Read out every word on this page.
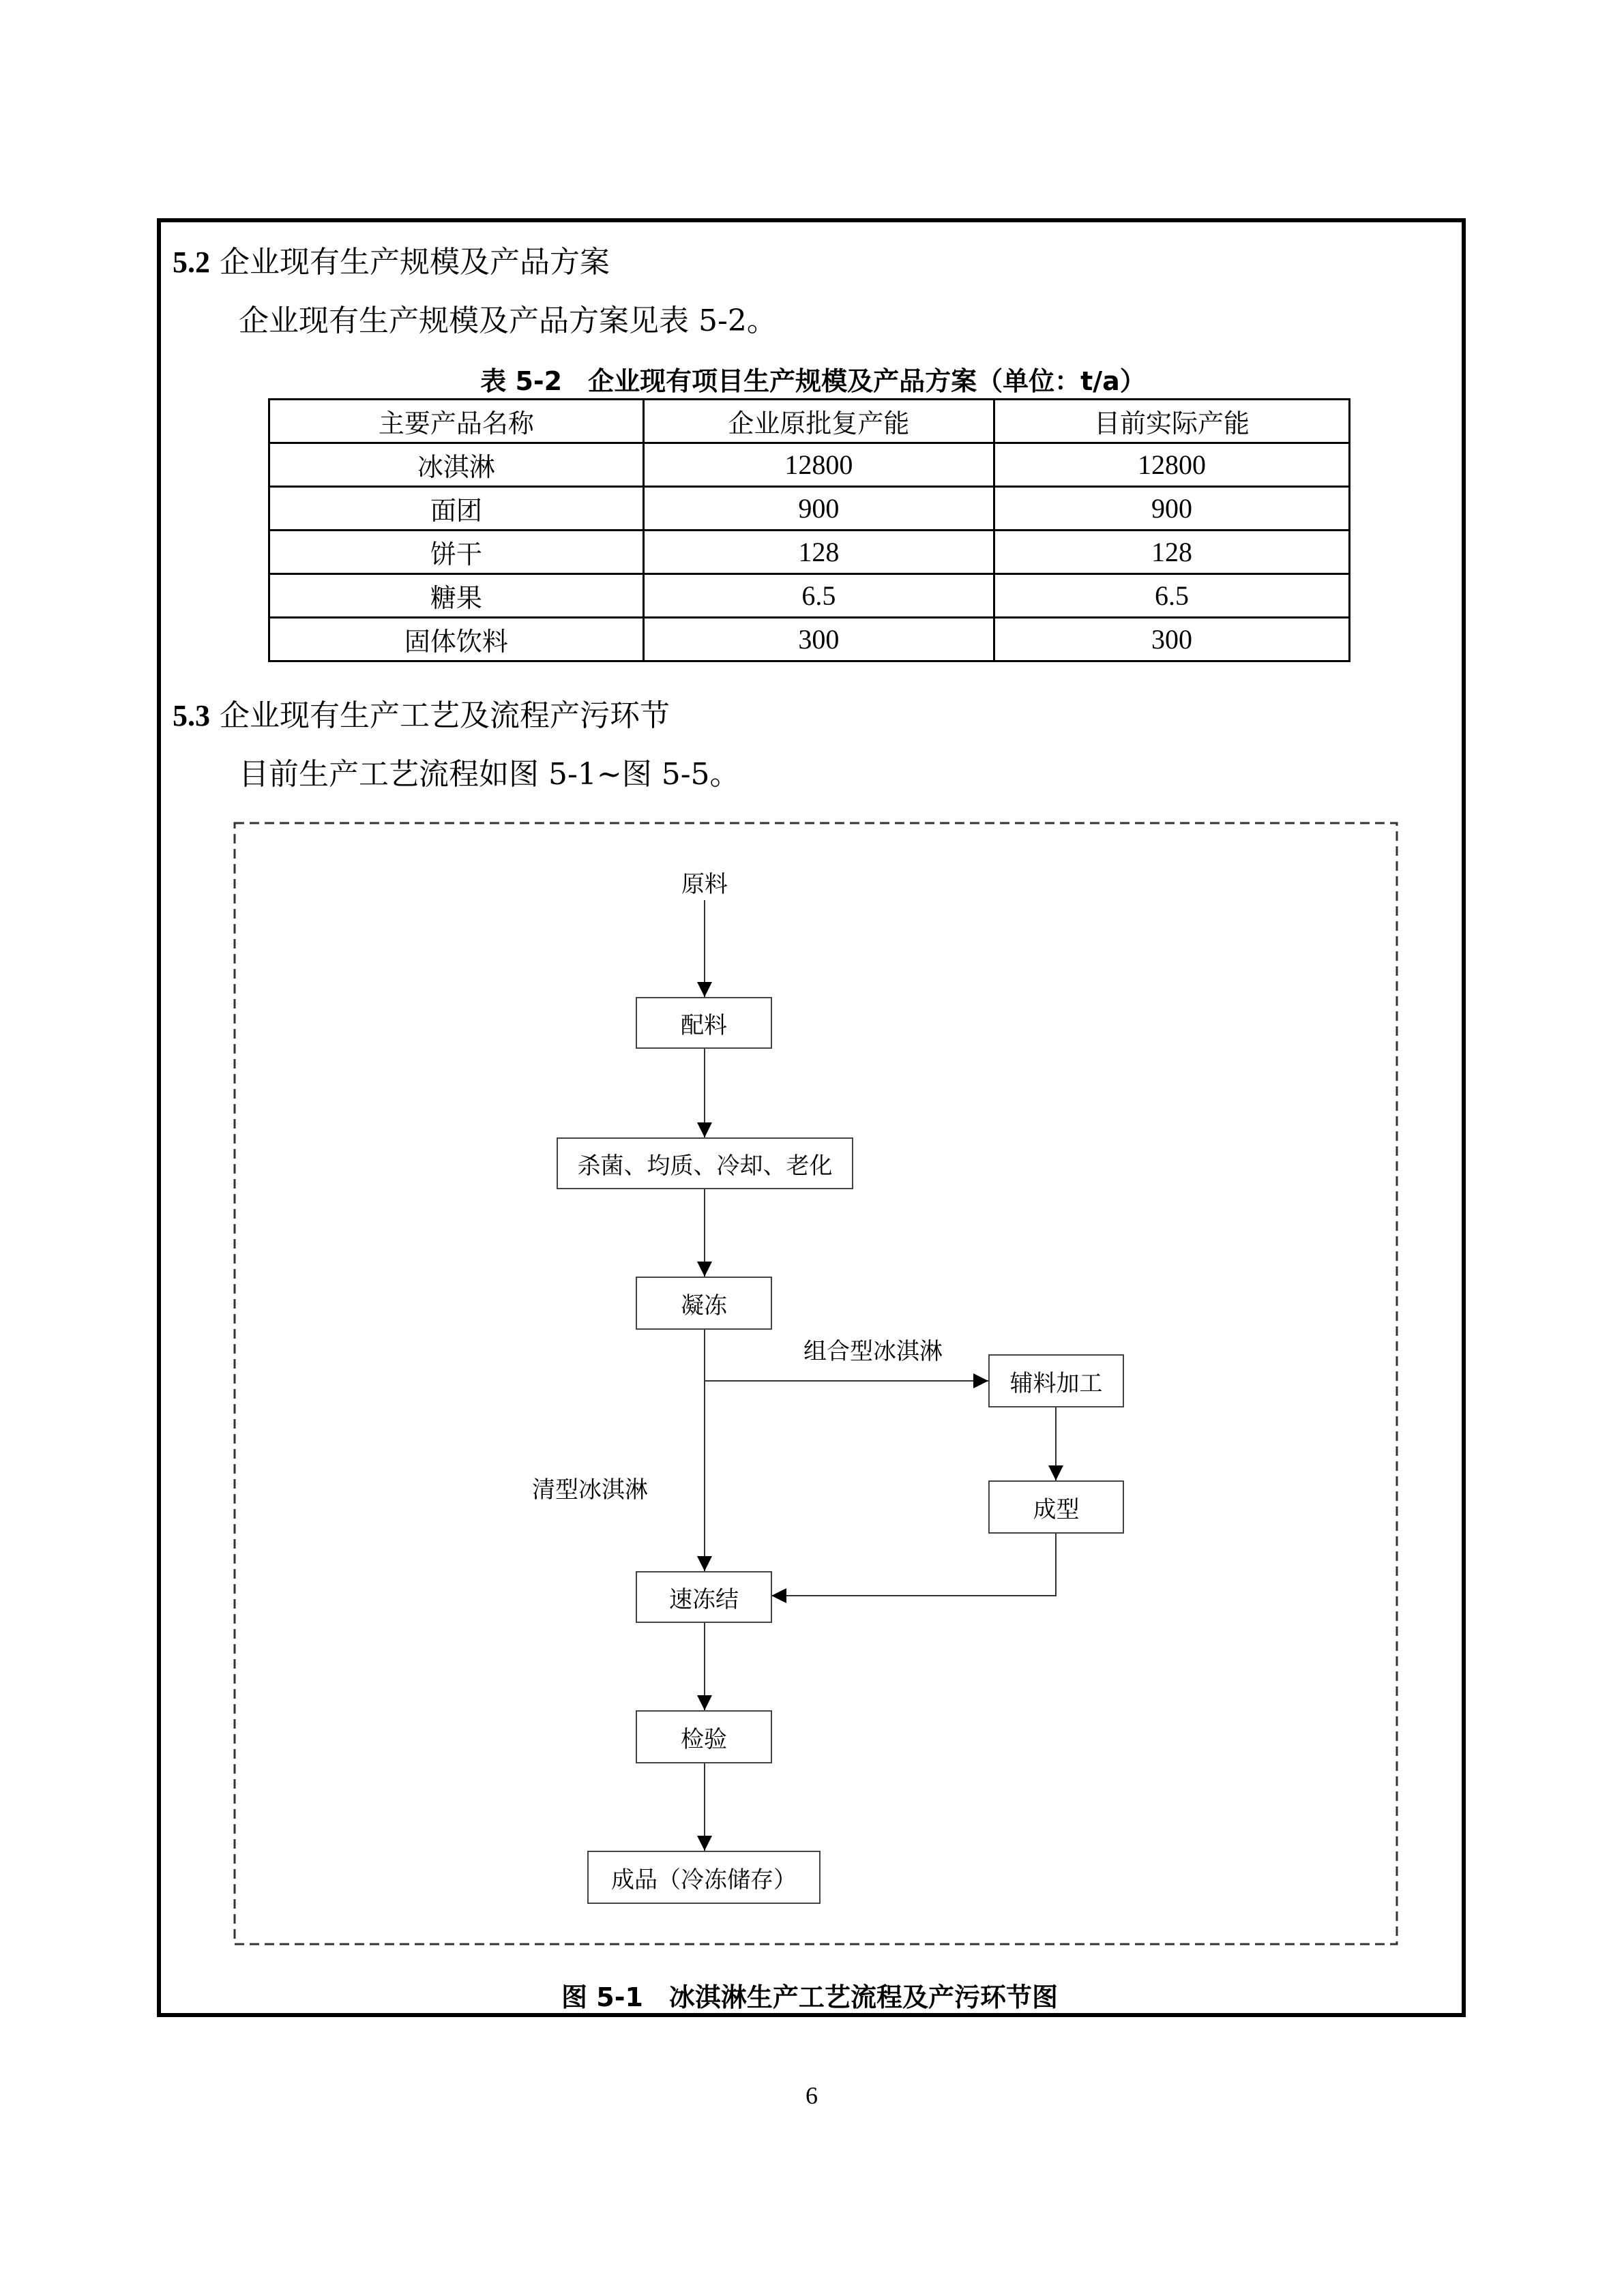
5.2 企业现有生产规模及产品方案
企业现有生产规模及产品方案见表 5-2。
表 5-2　企业现有项目生产规模及产品方案（单位：t/a）
主要产品名称	企业原批复产能	目前实际产能
冰淇淋	12800	12800
面团	900	900
饼干	128	128
糖果	6.5	6.5
固体饮料	300	300
5.3 企业现有生产工艺及流程产污环节
目前生产工艺流程如图 5-1~图 5-5。
原料
配料
杀菌、均质、冷却、老化
凝冻
组合型冰淇淋
辅料加工
成型
清型冰淇淋
速冻结
检验
成品（冷冻储存）
图 5-1　冰淇淋生产工艺流程及产污环节图
6
